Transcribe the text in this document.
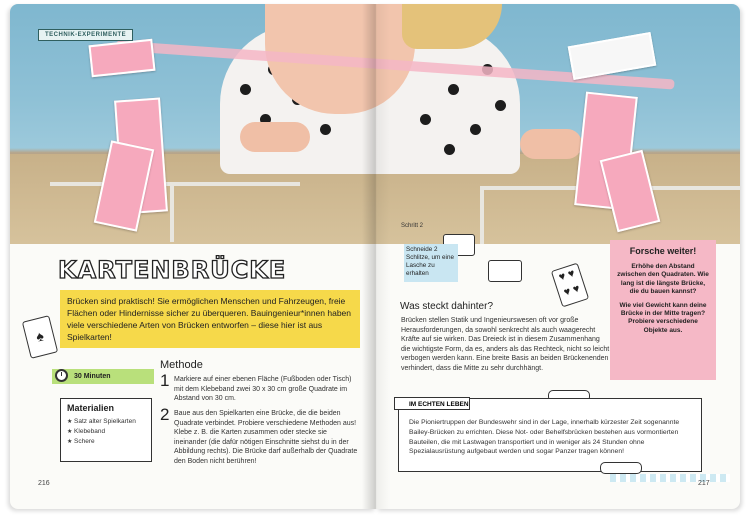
TECHNIK-EXPERIMENTE
KARTENBRÜCKE
Brücken sind praktisch! Sie ermöglichen Menschen und Fahrzeugen, freie Flächen oder Hindernisse sicher zu überqueren. Bauingenieur*innen haben viele verschiedene Arten von Brücken entworfen – diese hier ist aus Spielkarten!
♠
30 Minuten
Methode
Materialien
★ Satz alter Spielkarten
★ Klebeband
★ Schere
1 Markiere auf einer ebenen Fläche (Fußboden oder Tisch) mit dem Klebeband zwei 30 x 30 cm große Quadrate im Abstand von 30 cm.
2 Baue aus den Spielkarten eine Brücke, die die beiden Quadrate verbindet. Probiere verschiedene Methoden aus! Klebe z. B. die Karten zusammen oder stecke sie ineinander (die dafür nötigen Einschnitte siehst du in der Abbildung rechts). Die Brücke darf außerhalb der Quadrate den Boden nicht berühren!
216
Schritt 2
Schneide 2 Schlitze, um eine Lasche zu erhalten	♥ ♥
♥ ♥
Was steckt dahinter?
Brücken stellen Statik und Ingenieurswesen oft vor große Herausforderungen, da sowohl senkrecht als auch waagerecht Kräfte auf sie wirken. Das Dreieck ist in diesem Zusammenhang die wichtigste Form, da es, anders als das Rechteck, nicht so leicht verbogen werden kann. Eine breite Basis an beiden Brückenenden verhindert, dass die Mitte zu sehr durchhängt.
Forsche weiter!

Erhöhe den Abstand zwischen den Quadraten. Wie lang ist die längste Brücke, die du bauen kannst?

Wie viel Gewicht kann deine Brücke in der Mitte tragen? Probiere verschiedene Objekte aus.

IM ECHTEN LEBEN
Die Pioniertruppen der Bundeswehr sind in der Lage, innerhalb kürzester Zeit sogenannte Bailey-Brücken zu errichten. Diese Not- oder Behelfsbrücken bestehen aus vormontierten Bauteilen, die mit Lastwagen transportiert und in weniger als 24 Stunden ohne Spezialausrüstung aufgebaut werden und sogar Panzer tragen können!
217
